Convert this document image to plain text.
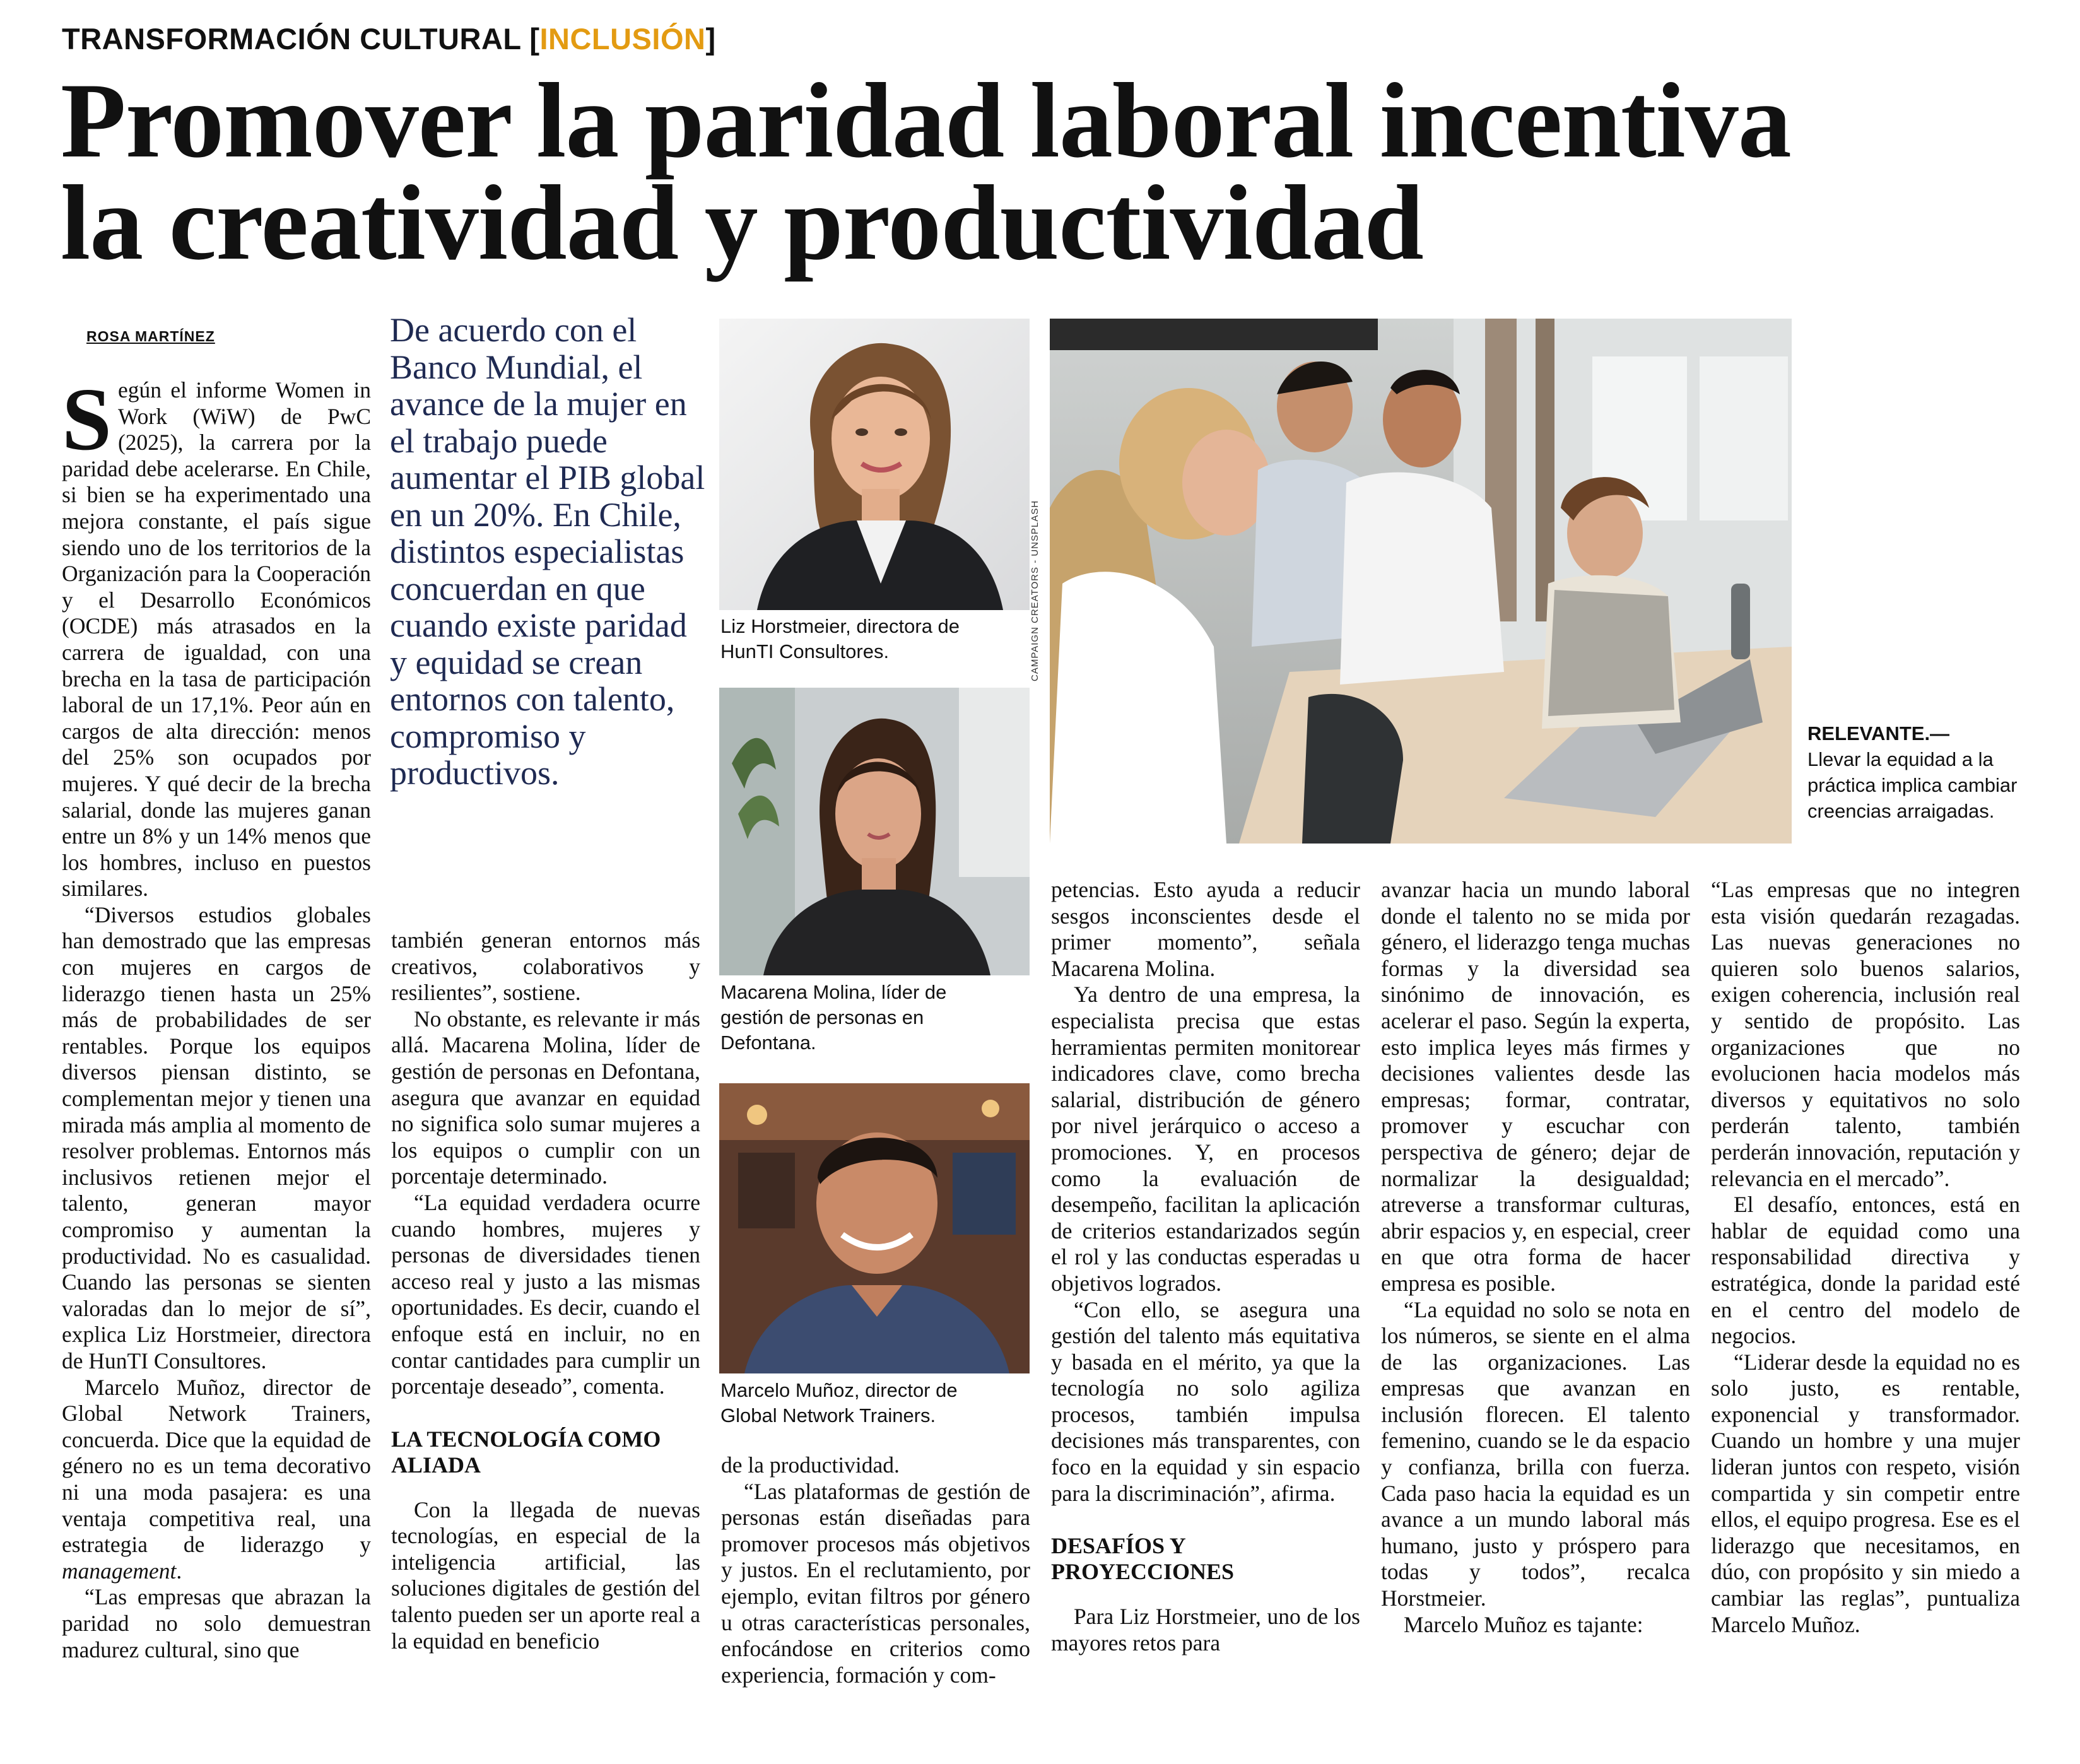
TRANSFORMACIÓN CULTURAL [INCLUSIÓN]
Promover la paridad laboral incentiva
la creatividad y productividad
ROSA MARTÍNEZ

Según el informe Women in Work (WiW) de PwC (2025), la carrera por la paridad debe acelerarse. En Chile, si bien se ha experimentado una mejora constante, el país sigue siendo uno de los territorios de la Organización para la Cooperación y el Desarrollo Económicos (OCDE) más atrasados en la carrera de igualdad, con una brecha en la tasa de participación laboral de un 17,1%. Peor aún en cargos de alta dirección: menos del 25% son ocupados por mujeres. Y qué decir de la brecha salarial, donde las mujeres ganan entre un 8% y un 14% menos que los hombres, incluso en puestos similares.

“Diversos estudios globales han demostrado que las empresas con mujeres en cargos de liderazgo tienen hasta un 25% más de probabilidades de ser rentables. Porque los equipos diversos piensan distinto, se complementan mejor y tienen una mirada más amplia al momento de resolver problemas. Entornos más inclusivos retienen mejor el talento, generan mayor compromiso y aumentan la productividad. No es casualidad. Cuando las personas se sienten valoradas dan lo mejor de sí”, explica Liz Horstmeier, directora de HunTI Consultores.

Marcelo Muñoz, director de Global Network Trainers, concuerda. Dice que la equidad de género no es un tema decorativo ni una moda pasajera: es una ventaja competitiva real, una estrategia de liderazgo y management.

“Las empresas que abrazan la paridad no solo demuestran madurez cultural, sino que

De acuerdo con el Banco Mundial, el avance de la mujer en el trabajo puede aumentar el PIB global en un 20%. En Chile, distintos especialistas concuerdan en que cuando existe paridad y equidad se crean entornos con talento, compromiso y productivos.

también generan entornos más creativos, colaborativos y resilientes”, sostiene.

No obstante, es relevante ir más allá. Macarena Molina, líder de gestión de personas en Defontana, asegura que avanzar en equidad no significa solo sumar mujeres a los equipos o cumplir con un porcentaje determinado.

“La equidad verdadera ocurre cuando hombres, mujeres y personas de diversidades tienen acceso real y justo a las mismas oportunidades. Es decir, cuando el enfoque está en incluir, no en contar cantidades para cumplir un porcentaje deseado”, comenta.

LA TECNOLOGÍA COMO ALIADA

Con la llegada de nuevas tecnologías, en especial de la inteligencia artificial, las soluciones digitales de gestión del talento pueden ser un aporte real a la equidad en beneficio

Liz Horstmeier, directora de HunTI Consultores.
Macarena Molina, líder de gestión de personas en Defontana.
Marcelo Muñoz, director de Global Network Trainers.
CAMPAIGN CREATORS - UNSPLASH
RELEVANTE.—
Llevar la equidad a la práctica implica cambiar creencias arraigadas.

de la productividad.

“Las plataformas de gestión de personas están diseñadas para promover procesos más objetivos y justos. En el reclutamiento, por ejemplo, evitan filtros por género u otras características personales, enfocándose en criterios como experiencia, formación y com-

petencias. Esto ayuda a reducir sesgos inconscientes desde el primer momento”, señala Macarena Molina.

Ya dentro de una empresa, la especialista precisa que estas herramientas permiten monitorear indicadores clave, como brecha salarial, distribución de género por nivel jerárquico o acceso a promociones. Y, en procesos como la evaluación de desempeño, facilitan la aplicación de criterios estandarizados según el rol y las conductas esperadas u objetivos logrados.

“Con ello, se asegura una gestión del talento más equitativa y basada en el mérito, ya que la tecnología no solo agiliza procesos, también impulsa decisiones más transparentes, con foco en la equidad y sin espacio para la discriminación”, afirma.

DESAFÍOS Y PROYECCIONES

Para Liz Horstmeier, uno de los mayores retos para

avanzar hacia un mundo laboral donde el talento no se mida por género, el liderazgo tenga muchas formas y la diversidad sea sinónimo de innovación, es acelerar el paso. Según la experta, esto implica leyes más firmes y decisiones valientes desde las empresas; formar, contratar, promover y escuchar con perspectiva de género; dejar de normalizar la desigualdad; atreverse a transformar culturas, abrir espacios y, en especial, creer en que otra forma de hacer empresa es posible.

“La equidad no solo se nota en los números, se siente en el alma de las organizaciones. Las empresas que avanzan en inclusión florecen. El talento femenino, cuando se le da espacio y confianza, brilla con fuerza. Cada paso hacia la equidad es un avance a un mundo laboral más humano, justo y próspero para todas y todos”, recalca Horstmeier.

Marcelo Muñoz es tajante:

“Las empresas que no integren esta visión quedarán rezagadas. Las nuevas generaciones no quieren solo buenos salarios, exigen coherencia, inclusión real y sentido de propósito. Las organizaciones que no evolucionen hacia modelos más diversos y equitativos no solo perderán talento, también perderán innovación, reputación y relevancia en el mercado”.

El desafío, entonces, está en hablar de equidad como una responsabilidad directiva y estratégica, donde la paridad esté en el centro del modelo de negocios.

“Liderar desde la equidad no es solo justo, es rentable, exponencial y transformador. Cuando un hombre y una mujer lideran juntos con respeto, visión compartida y sin competir entre ellos, el equipo progresa. Ese es el liderazgo que necesitamos, en dúo, con propósito y sin miedo a cambiar las reglas”, puntualiza Marcelo Muñoz.
